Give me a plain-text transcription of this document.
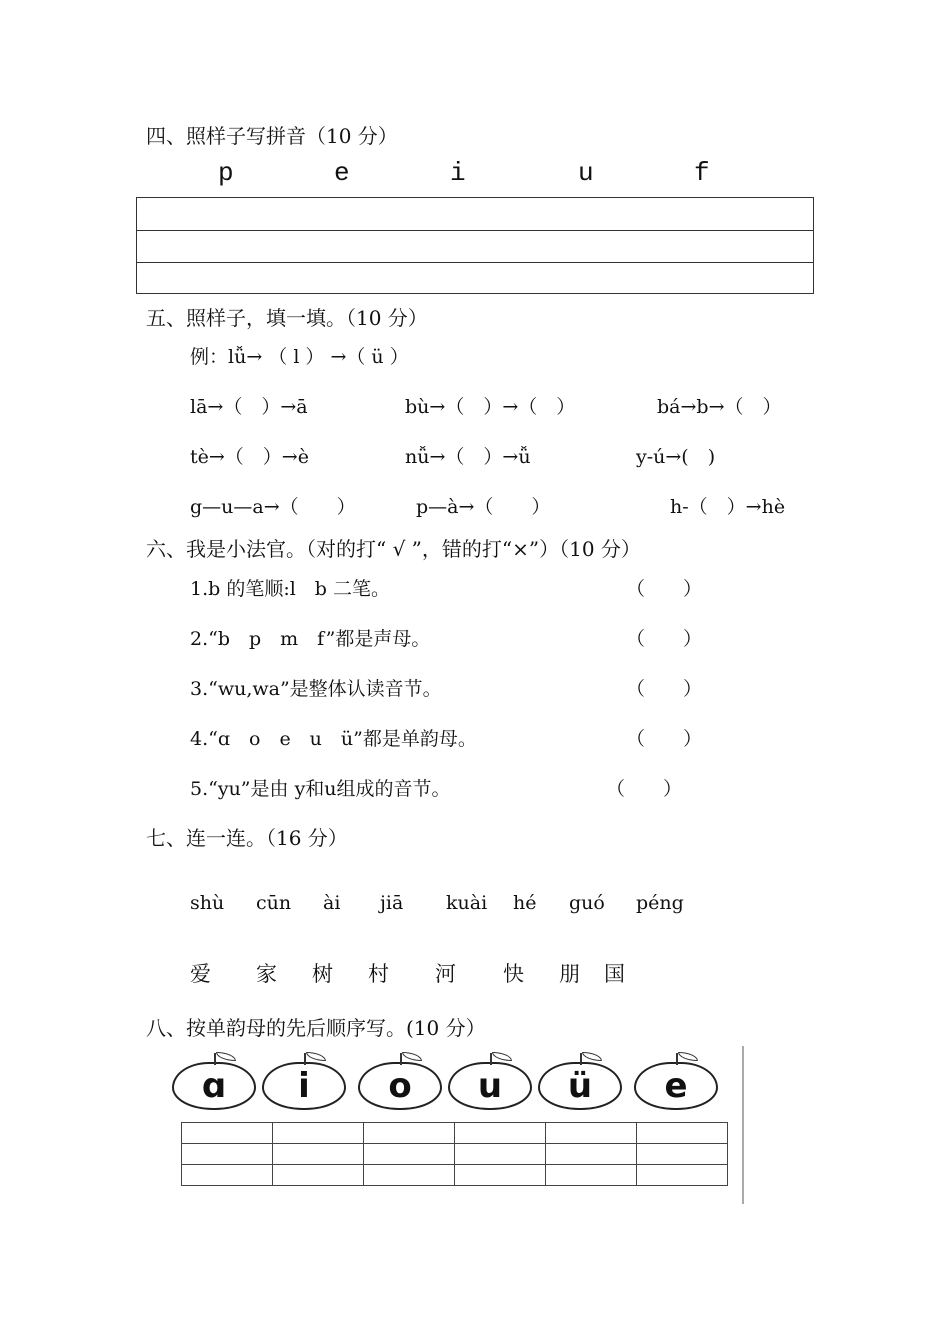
四、照样子写拼音（10 分）
p	e	i	u	f
五、照样子，填一填。（10 分）
例：lǚ→ （ l ） →（ ü ）
lā→（　）→ā	bù→（　）→（　）	bá→b→（　）
tè→（　）→è	nǚ→（　）→ǚ	y-ú→(　)
g—u—a→（　　）	p—à→（　　）	h-（　）→hè
六、我是小法官。（对的打“ √ ”，错的打“×”）（10 分）
1.b 的笔顺:l　b 二笔。	（　　）
2.“b　p　m　f”都是声母。	（　　）
3.“wu,wa”是整体认读音节。	（　　）
4.“ɑ　o　e　u　ü”都是单韵母。	（　　）
5.“yu”是由 y和u组成的音节。	（　　）
七、连一连。（16 分）
shù cūn ài jiā kuài hé guó péng
爱 家 树 村 河 快 朋 国
八、按单韵母的先后顺序写。(10 分）
ɑ	i	o	u	ü	e
